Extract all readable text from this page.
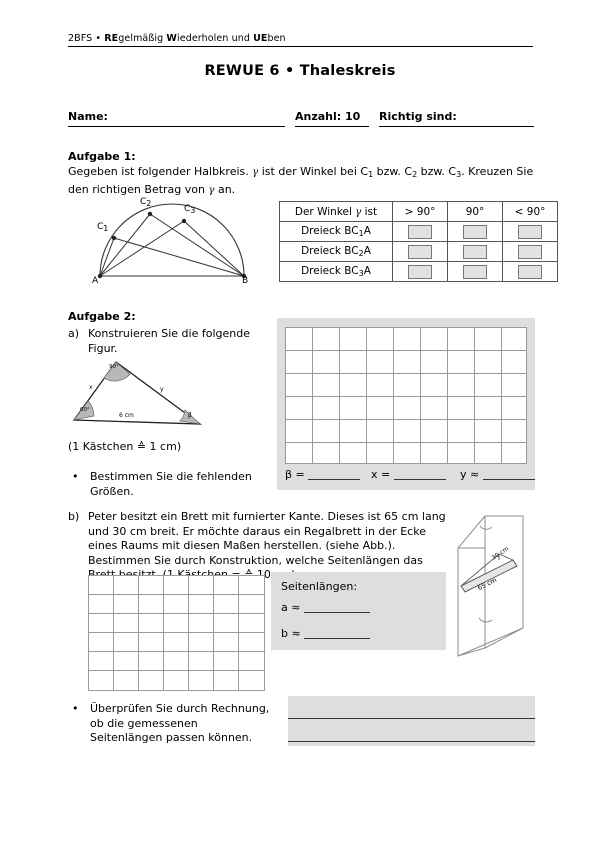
2BFS • REgelmäßig Wiederholen und UEben
REWUE 6 • Thaleskreis
Name:	Anzahl: 10 Richtig sind:
Aufgabe 1:
Gegeben ist folgender Halbkreis. γ ist der Winkel bei $C_1$ bzw. $C_2$ bzw. $C_3$. Kreuzen Sie den richtigen Betrag von γ an.
A	B
$C_1$
$C_2$
$C_3$	Der Winkel γ ist	> 90°	90°	< 90°
Dreieck $BC_1A$			
Dreieck $BC_2A$			
Dreieck $BC_3A$			
Aufgabe 2:
a) Konstruieren Sie die folgende Figur.
60°
90°
β
x	y
6 cm
(1 Kästchen ≙ 1 cm)
• Bestimmen Sie die fehlenden Größen.
β =	x =	y ≈
b) Peter besitzt ein Brett mit furnierter Kante. Dieses ist 65 cm lang und 30 cm breit. Er möchte daraus ein Regalbrett in der Ecke eines Raums mit diesen Maßen herstellen. (siehe Abb.). Bestimmen Sie durch Konstruktion, welche Seitenlängen das	30 cm
65 cm
Seitenlängen:
a ≈
b ≈
• Überprüfen Sie durch Rechnung, ob die gemessenen Seitenlängen passen können.
